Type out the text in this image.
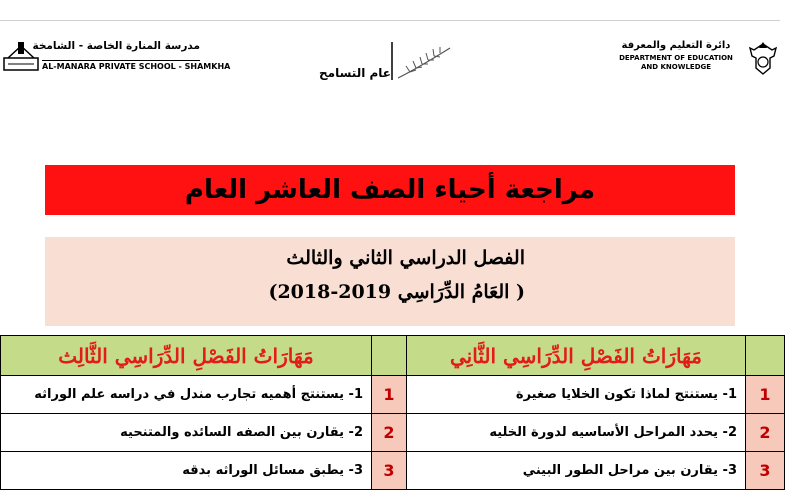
مدرسة المنارة الخاصة - الشامخة
AL-MANARA PRIVATE SCHOOL - SHAMKHA	عام التسامح
دائرة التعليم والمعرفة
DEPARTMENT OF EDUCATION
AND KNOWLEDGE
مراجعة أحياء الصف العاشر العام
الفصل الدراسي الثاني والثالث
( العَامُ الدِّرَاسِي 2019-2018)
مَهَارَاتُ الفَصْلِ الدِّرَاسِي الثَّالِث	مَهَارَاتُ الفَصْلِ الدِّرَاسِي الثَّانِي
1- يستنتج أهميه تجارب مندل في دراسه علم الوراثه	1	1- يستنتج لماذا تكون الخلايا صغيرة	1
2- يقارن بين الصفه السائده والمتنحيه	2	2- يحدد المراحل الأساسيه لدورة الخليه	2
3- يطبق مسائل الوراثه بدقه	3	3- يقارن بين مراحل الطور البيني	3
